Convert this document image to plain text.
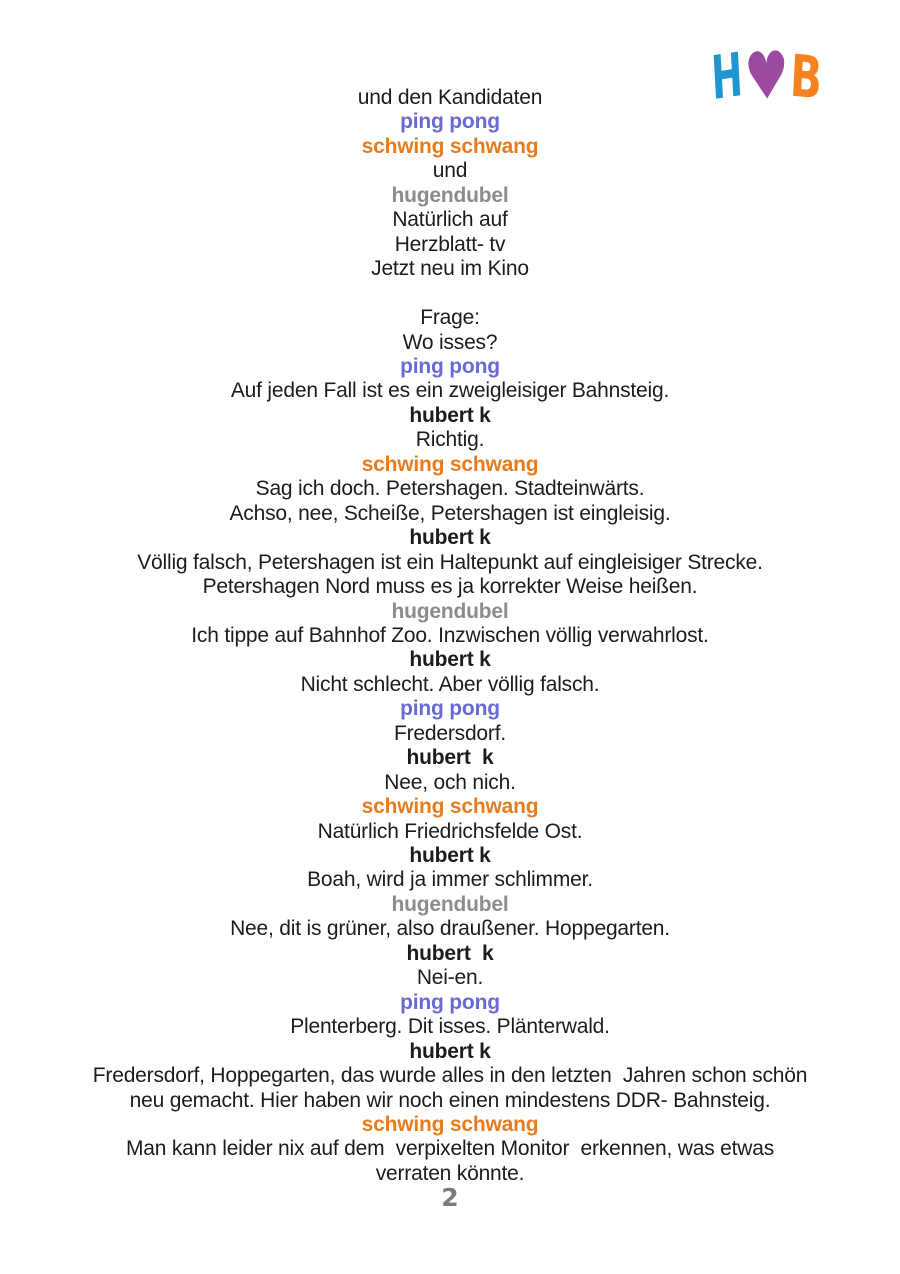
H ♥
B
und den Kandidaten
ping pong
schwing schwang
und
hugendubel
Natürlich auf
Herzblatt- tv
Jetzt neu im Kino
Frage:
Wo isses?
ping pong
Auf jeden Fall ist es ein zweigleisiger Bahnsteig.
hubert k
Richtig.
schwing schwang
Sag ich doch. Petershagen. Stadteinwärts.
Achso, nee, Scheiße, Petershagen ist eingleisig.
hubert k
Völlig falsch, Petershagen ist ein Haltepunkt auf eingleisiger Strecke.
Petershagen Nord muss es ja korrekter Weise heißen.
hugendubel
Ich tippe auf Bahnhof Zoo. Inzwischen völlig verwahrlost.
hubert k
Nicht schlecht. Aber völlig falsch.
ping pong
Fredersdorf.
hubert  k
Nee, och nich.
schwing schwang
Natürlich Friedrichsfelde Ost.
hubert k
Boah, wird ja immer schlimmer.
hugendubel
Nee, dit is grüner, also draußener. Hoppegarten.
hubert  k
Nei-en.
ping pong
Plenterberg. Dit isses. Plänterwald.
hubert k
Fredersdorf, Hoppegarten, das wurde alles in den letzten  Jahren schon schön
neu gemacht. Hier haben wir noch einen mindestens DDR- Bahnsteig.
schwing schwang
Man kann leider nix auf dem  verpixelten Monitor  erkennen, was etwas
verraten könnte.
2
